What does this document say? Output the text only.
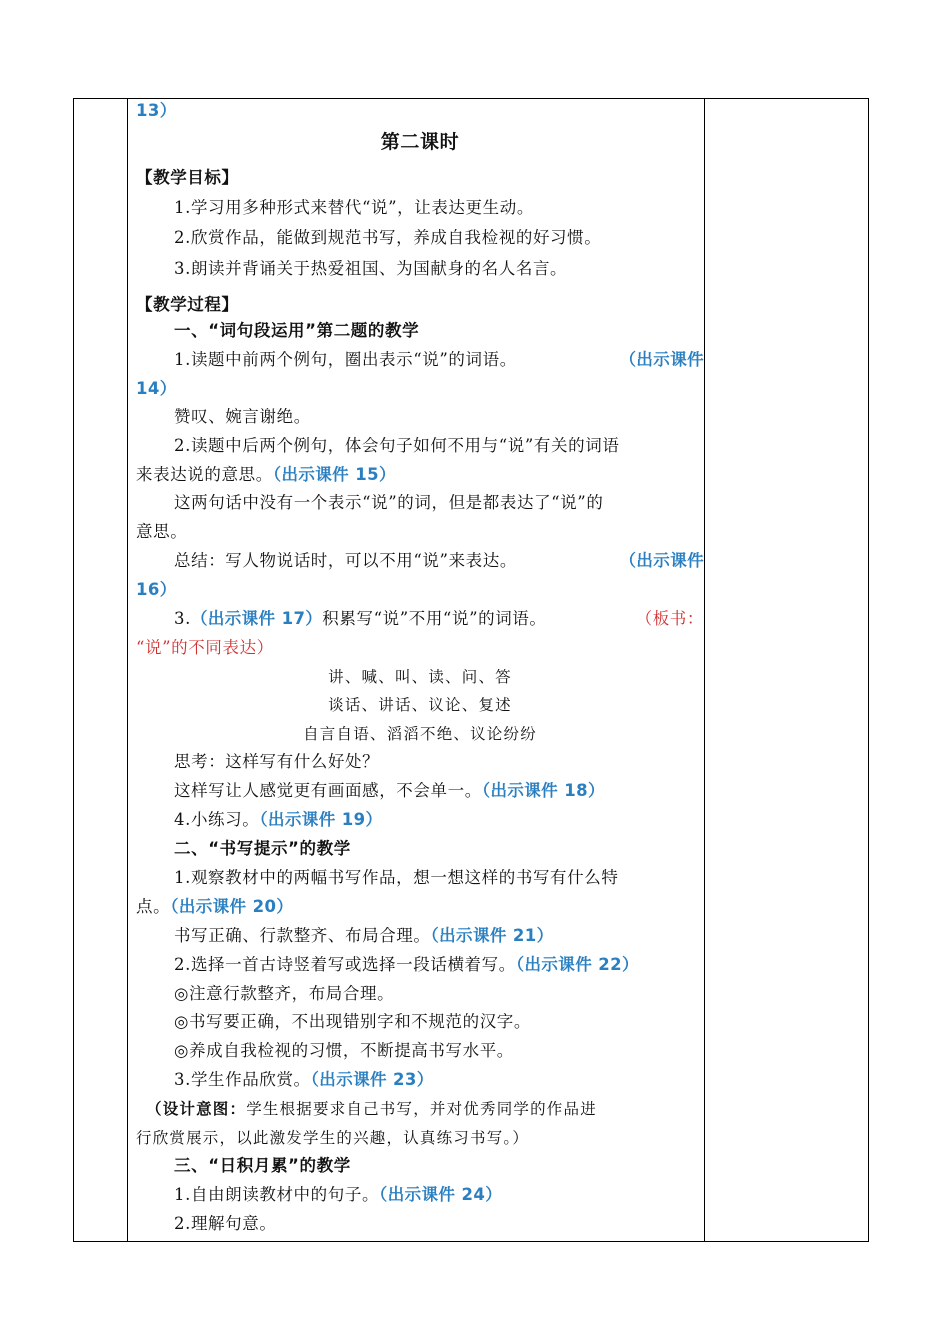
13）
第二课时
【教学目标】
1.学习用多种形式来替代“说”，让表达更生动。
2.欣赏作品，能做到规范书写，养成自我检视的好习惯。
3.朗读并背诵关于热爱祖国、为国献身的名人名言。
【教学过程】
一、“词句段运用”第二题的教学
1.读题中前两个例句，圈出表示“说”的词语。	（出示课件
14）
赞叹、婉言谢绝。
2.读题中后两个例句，体会句子如何不用与“说”有关的词语
来表达说的意思。（出示课件 15）
这两句话中没有一个表示“说”的词，但是都表达了“说”的
意思。
总结：写人物说话时，可以不用“说”来表达。	（出示课件
16）
3.（出示课件 17）积累写“说”不用“说”的词语。	（板书：
“说”的不同表达）
讲、喊、叫、读、问、答
谈话、讲话、议论、复述
自言自语、滔滔不绝、议论纷纷
思考：这样写有什么好处？
这样写让人感觉更有画面感，不会单一。（出示课件 18）
4.小练习。（出示课件 19）
二、“书写提示”的教学
1.观察教材中的两幅书写作品，想一想这样的书写有什么特
点。（出示课件 20）
书写正确、行款整齐、布局合理。（出示课件 21）
2.选择一首古诗竖着写或选择一段话横着写。（出示课件 22）
◎注意行款整齐，布局合理。
◎书写要正确，不出现错别字和不规范的汉字。
◎养成自我检视的习惯，不断提高书写水平。
3.学生作品欣赏。（出示课件 23）
（设计意图：学生根据要求自己书写，并对优秀同学的作品进
行欣赏展示，以此激发学生的兴趣，认真练习书写。）
三、“日积月累”的教学
1.自由朗读教材中的句子。（出示课件 24）
2.理解句意。
